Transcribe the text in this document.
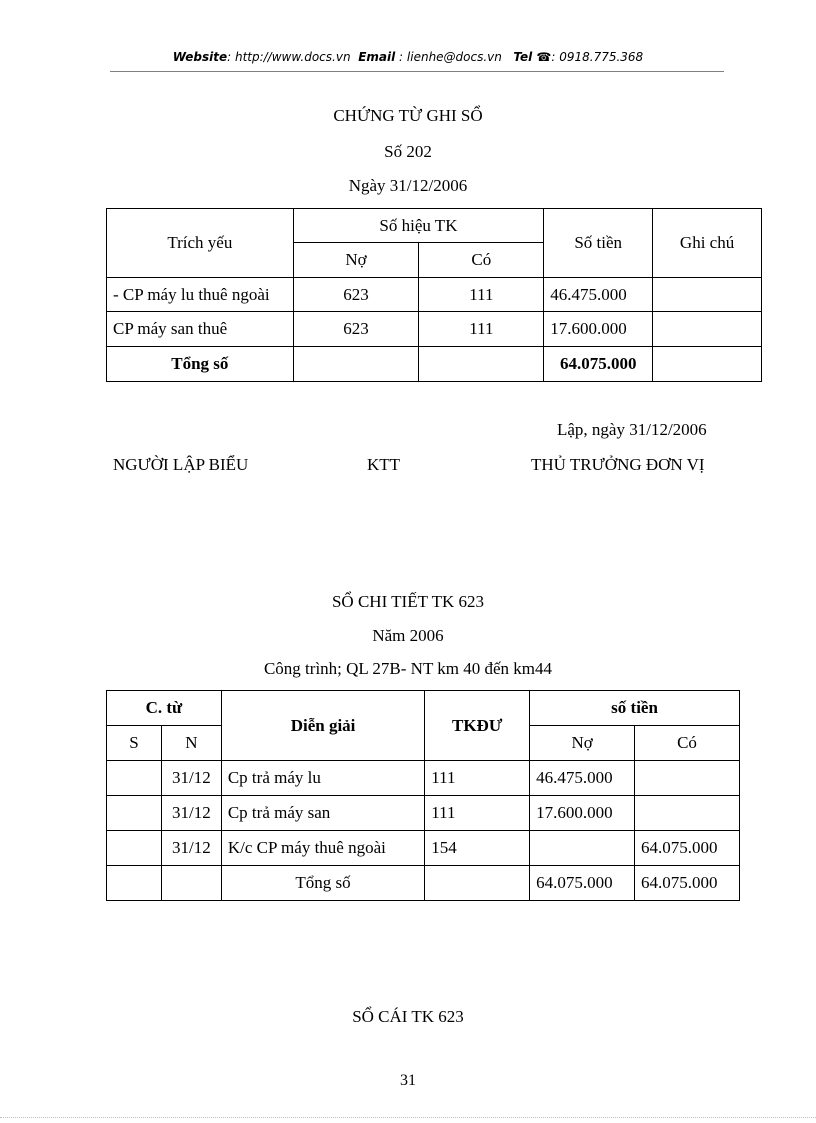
Website: http://www.docs.vn Email : lienhe@docs.vn Tel ☎: 0918.775.368
CHỨNG TỪ GHI SỔ
Số 202
Ngày 31/12/2006
Trích yếu	Số hiệu TK		Số tiền	Ghi chú
	Nợ	Có		
- CP máy lu thuê ngoài	623	111	46.475.000	
CP máy san thuê	623	111	17.600.000	
Tổng số			64.075.000	
Lập, ngày 31/12/2006
NGƯỜI LẬP BIỂU	KTT	THỦ TRƯỞNG ĐƠN VỊ
SỔ CHI TIẾT TK 623
Năm 2006
Công trình; QL 27B- NT km 40 đến km44
C. từ		Diễn giải	TKĐƯ	số tiền	
S	N			Nợ	Có
	31/12	Cp trả máy lu	111	46.475.000	
	31/12	Cp trả máy san	111	17.600.000	
	31/12	K/c CP máy thuê ngoài	154		64.075.000
		Tổng số		64.075.000	64.075.000
SỔ CÁI TK 623
31
